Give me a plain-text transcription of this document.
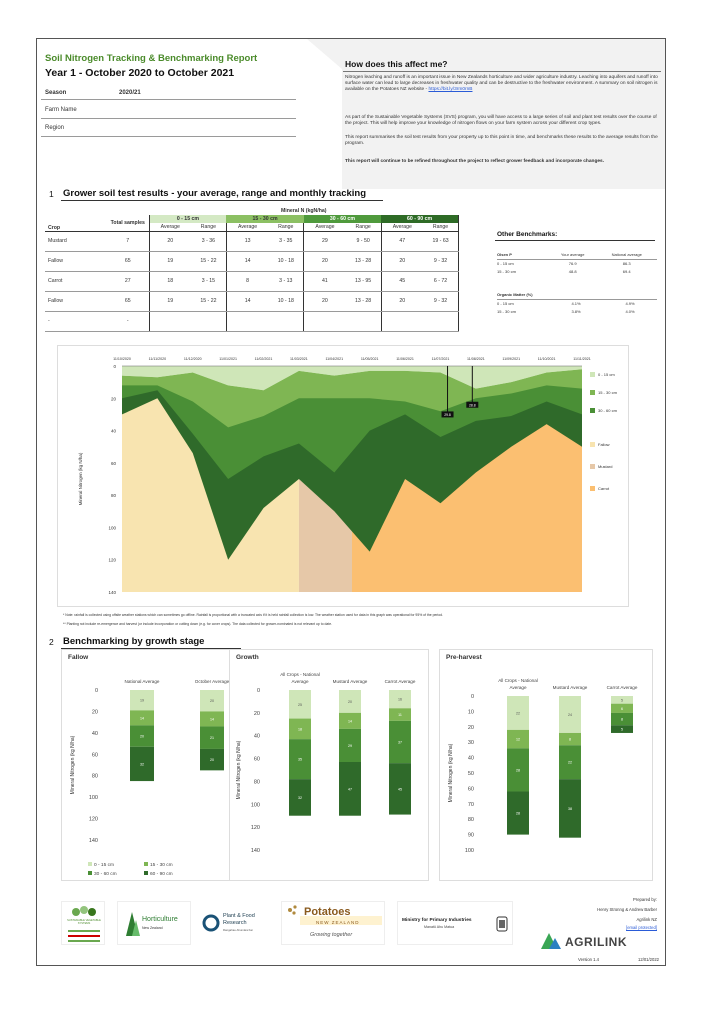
Soil Nitrogen Tracking & Benchmarking Report
Year 1 - October 2020 to October 2021
Season	2020/21
Farm Name
Region
How does this affect me?
Nitrogen leaching and runoff is an important issue in New Zealands horticulture and wider agriculture industry. Leaching into aquifers and runoff into surface water can lead to large decreases in freshwater quality and can be destructive to the freshwater environment. A summary on soil nitrogen is available on the Potatoes NZ website - https://bit.ly/3rm0rnB
As part of the Sustainable Vegetable Systems (SVS) program, you will have access to a large series of soil and plant test results over the course of the project. This will help improve your knowledge of nitrogen flows on your farm system across your different crop types.
This report summarises the soil test results from your property up to this point in time, and benchmarks these results to the average results from the program.
This report will continue to be refined throughout the project to reflect grower feedback and incorporate changes.
1 Grower soil test results - your average, range and monthly tracking
		Mineral N (kgN/ha)							
Crop	Total samples	0 - 15 cm		15 - 30 cm		30 - 60 cm		60 - 90 cm	
		Average	Range	Average	Range	Average	Range	Average	Range
Mustard	7	20	3 - 36	13	3 - 35	29	9 - 50	47	19 - 63
Fallow	65	19	15 - 22	14	10 - 18	20	13 - 28	20	9 - 32
Carrot	27	18	3 - 15	8	3 - 13	41	13 - 95	45	6 - 72
Fallow	65	19	15 - 22	14	10 - 18	20	13 - 28	20	9 - 32
-	-								
Other Benchmarks:
Olsen P	Your average	National average
0 - 15 cm	76.9	86.3
15 - 30 cm	48.8	69.4
Organic Matter (%)		
0 - 15 cm	4.1%	4.9%
15 - 30 cm	3.8%	4.0%
0
20
40
60
80
100
120
140
11/10/2020	11/11/2020	11/12/2020	11/01/2021	11/02/2021	11/03/2021	11/04/2021	11/05/2021	11/06/2021	11/07/2021	11/08/2021	11/09/2021	11/10/2021	11/11/2021
Mineral Nitrogen (kg N/ha)
29.8
28.8
0 - 15 cm
15 - 30 cm
30 - 60 cm
Fallow
Mustard
Carrot
* Note: rainfall is collected using offsite weather stations which can sometimes go offline. Rainfall is proportional with a truncated axis if it is held rainfall collection is low. The weather station used for data in this graph was operational for 95% of the period.
** Planting not include re-emergence and harvest (or include incorporation or cutting down (e.g. for cover crops). The data collected for grower-nominated is not relevant up to date.
2 Benchmarking by growth stage
Fallow
0
20
40
60
80
100
120
140
Mineral Nitrogen (kg N/ha)
National Average
19
14
20
32
October Average
20
14
21
20
0 - 15 cm	15 - 30 cm
30 - 60 cm	60 - 90 cm
Growth
0
20
40
60
80
100
120
140
Mineral Nitrogen (kg N/ha)
All Crops - National
Average
25
18
35
32
Mustard Average
20
14
29
47
Carrot Average
16
11
37
45
Pre-harvest
0
10
20
30
40
50
60
70
80
90
100
Mineral Nitrogen (kg N/ha)
All Crops - National
Average
22
12
28
28
Mustard Average
24
8
22
38
Carrot Average
5
6
8
5
SUSTAINABLE VEGETABLE SYSTEMS
Horticulture
New Zealand
Plant & Food
Research
Rangahau Ahumāra Kai
Potatoes
NEW ZEALAND
Growing together
Ministry for Primary Industries
Manatū Ahu Matua
Prepared by:
Henry Stronng & Andrew Barber
Agrilink NZ
[email protected]
AGRILINK
Version 1.4	12/01/2022
